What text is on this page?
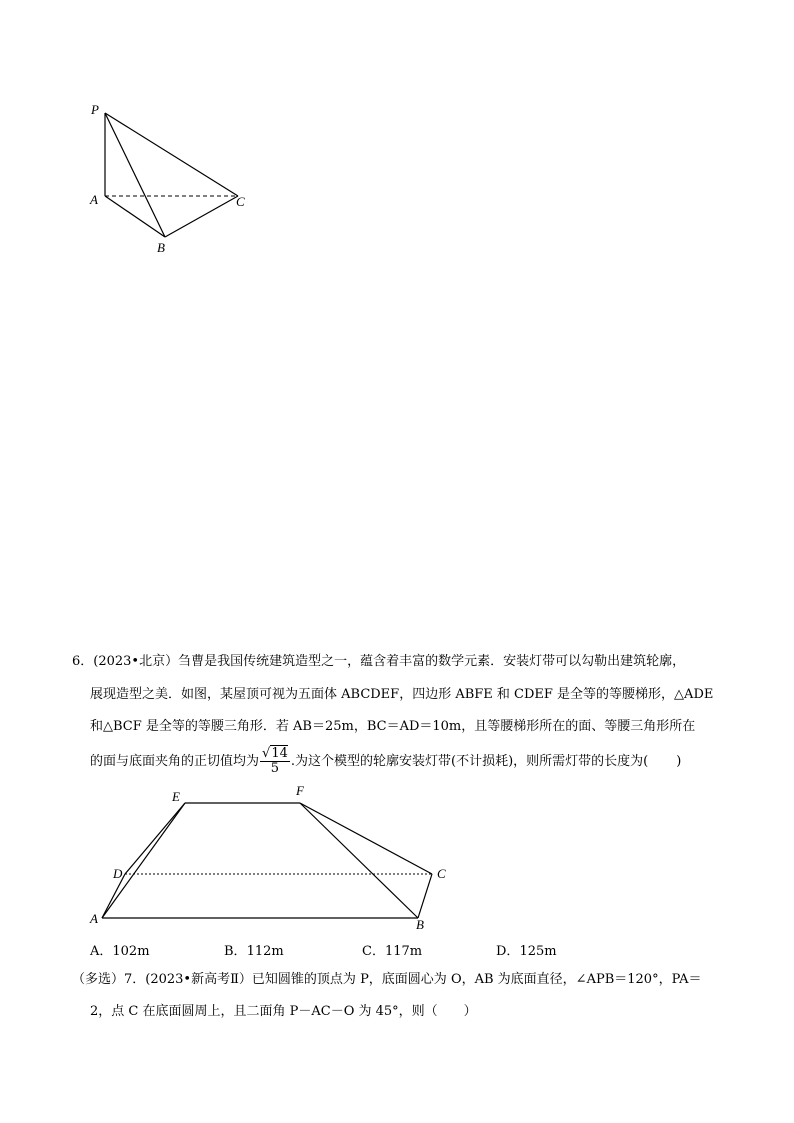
P
A	C
B
6．(2023•北京）刍曹是我国传统建筑造型之一，蕴含着丰富的数学元素．安装灯带可以勾勒出建筑轮廓，
展现造型之美．如图，某屋顶可视为五面体 ABCDEF，四边形 ABFE 和 CDEF 是全等的等腰梯形，△ADE
和△BCF 是全等的等腰三角形．若 AB＝25m，BC＝AD＝10m，且等腰梯形所在的面、等腰三角形所在
的面与底面夹角的正切值均为 $\frac{√14}{5}$ .为这个模型的轮廓安装灯带(不计损耗)，则所需灯带的长度为( )
E	F
D	C
A	B
A．102m	B．112m	C．117m	D．125m
（多选）7．(2023•新高考Ⅱ）已知圆锥的顶点为 P，底面圆心为 O，AB 为底面直径，∠APB＝120°，PA＝
2，点 C 在底面圆周上，且二面角 P－AC－O 为 45°，则（　　）
